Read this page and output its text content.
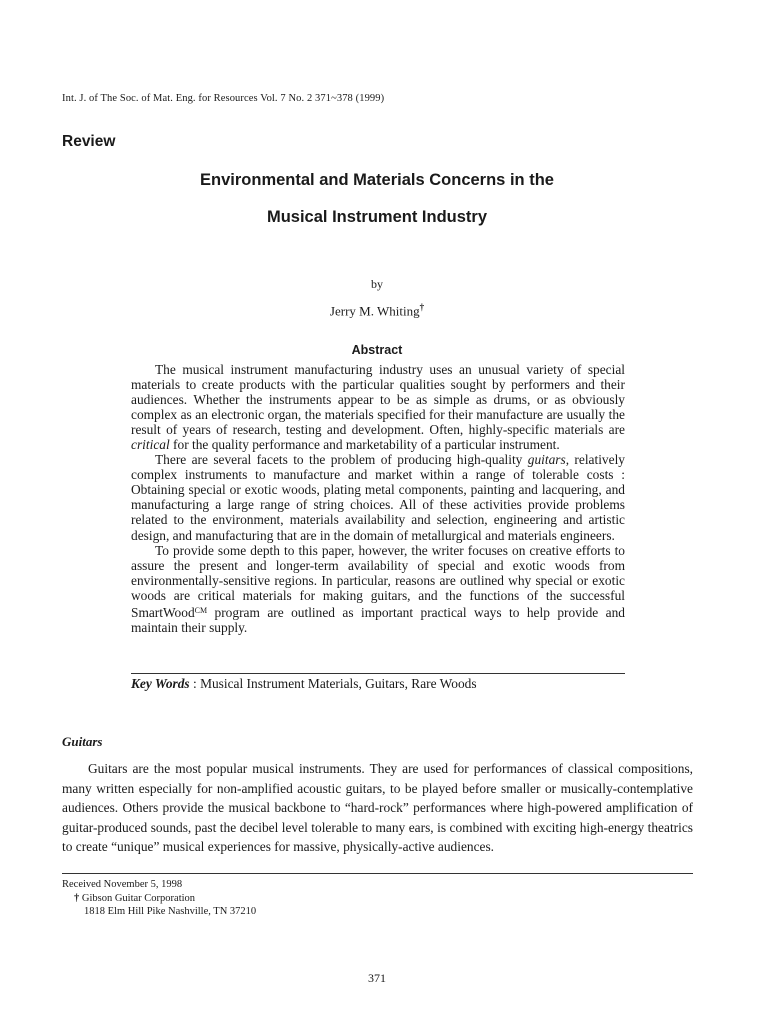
Int. J. of The Soc. of Mat. Eng. for Resources Vol. 7 No. 2 371~378 (1999)
Review
Environmental and Materials Concerns in the
Musical Instrument Industry
by
Jerry M. Whiting†
Abstract

The musical instrument manufacturing industry uses an unusual variety of special materials to create products with the particular qualities sought by performers and their audiences. Whether the instruments appear to be as simple as drums, or as obviously complex as an electronic organ, the materials specified for their manufacture are usually the result of years of research, testing and development. Often, highly-specific materials are critical for the quality performance and marketability of a particular instrument.

There are several facets to the problem of producing high-quality guitars, relatively complex instruments to manufacture and market within a range of tolerable costs : Obtaining special or exotic woods, plating metal components, painting and lacquering, and manufacturing a large range of string choices. All of these activities provide problems related to the environment, materials availability and selection, engineering and artistic design, and manufacturing that are in the domain of metallurgical and materials engineers.

To provide some depth to this paper, however, the writer focuses on creative efforts to assure the present and longer-term availability of special and exotic woods from environmentally-sensitive regions. In particular, reasons are outlined why special or exotic woods are critical materials for making guitars, and the functions of the successful SmartWood$^{CM}$ program are outlined as important practical ways to help provide and maintain their supply.

Key Words : Musical Instrument Materials, Guitars, Rare Woods
Guitars

Guitars are the most popular musical instruments. They are used for performances of classical compositions, many written especially for non-amplified acoustic guitars, to be played before smaller or musically-contemplative audiences. Others provide the musical backbone to “hard-rock” performances where high-powered amplification of guitar-produced sounds, past the decibel level tolerable to many ears, is combined with exciting high-energy theatrics to create “unique” musical experiences for massive, physically-active audiences.

Received November 5, 1998
† Gibson Guitar Corporation
1818 Elm Hill Pike Nashville, TN 37210
371
